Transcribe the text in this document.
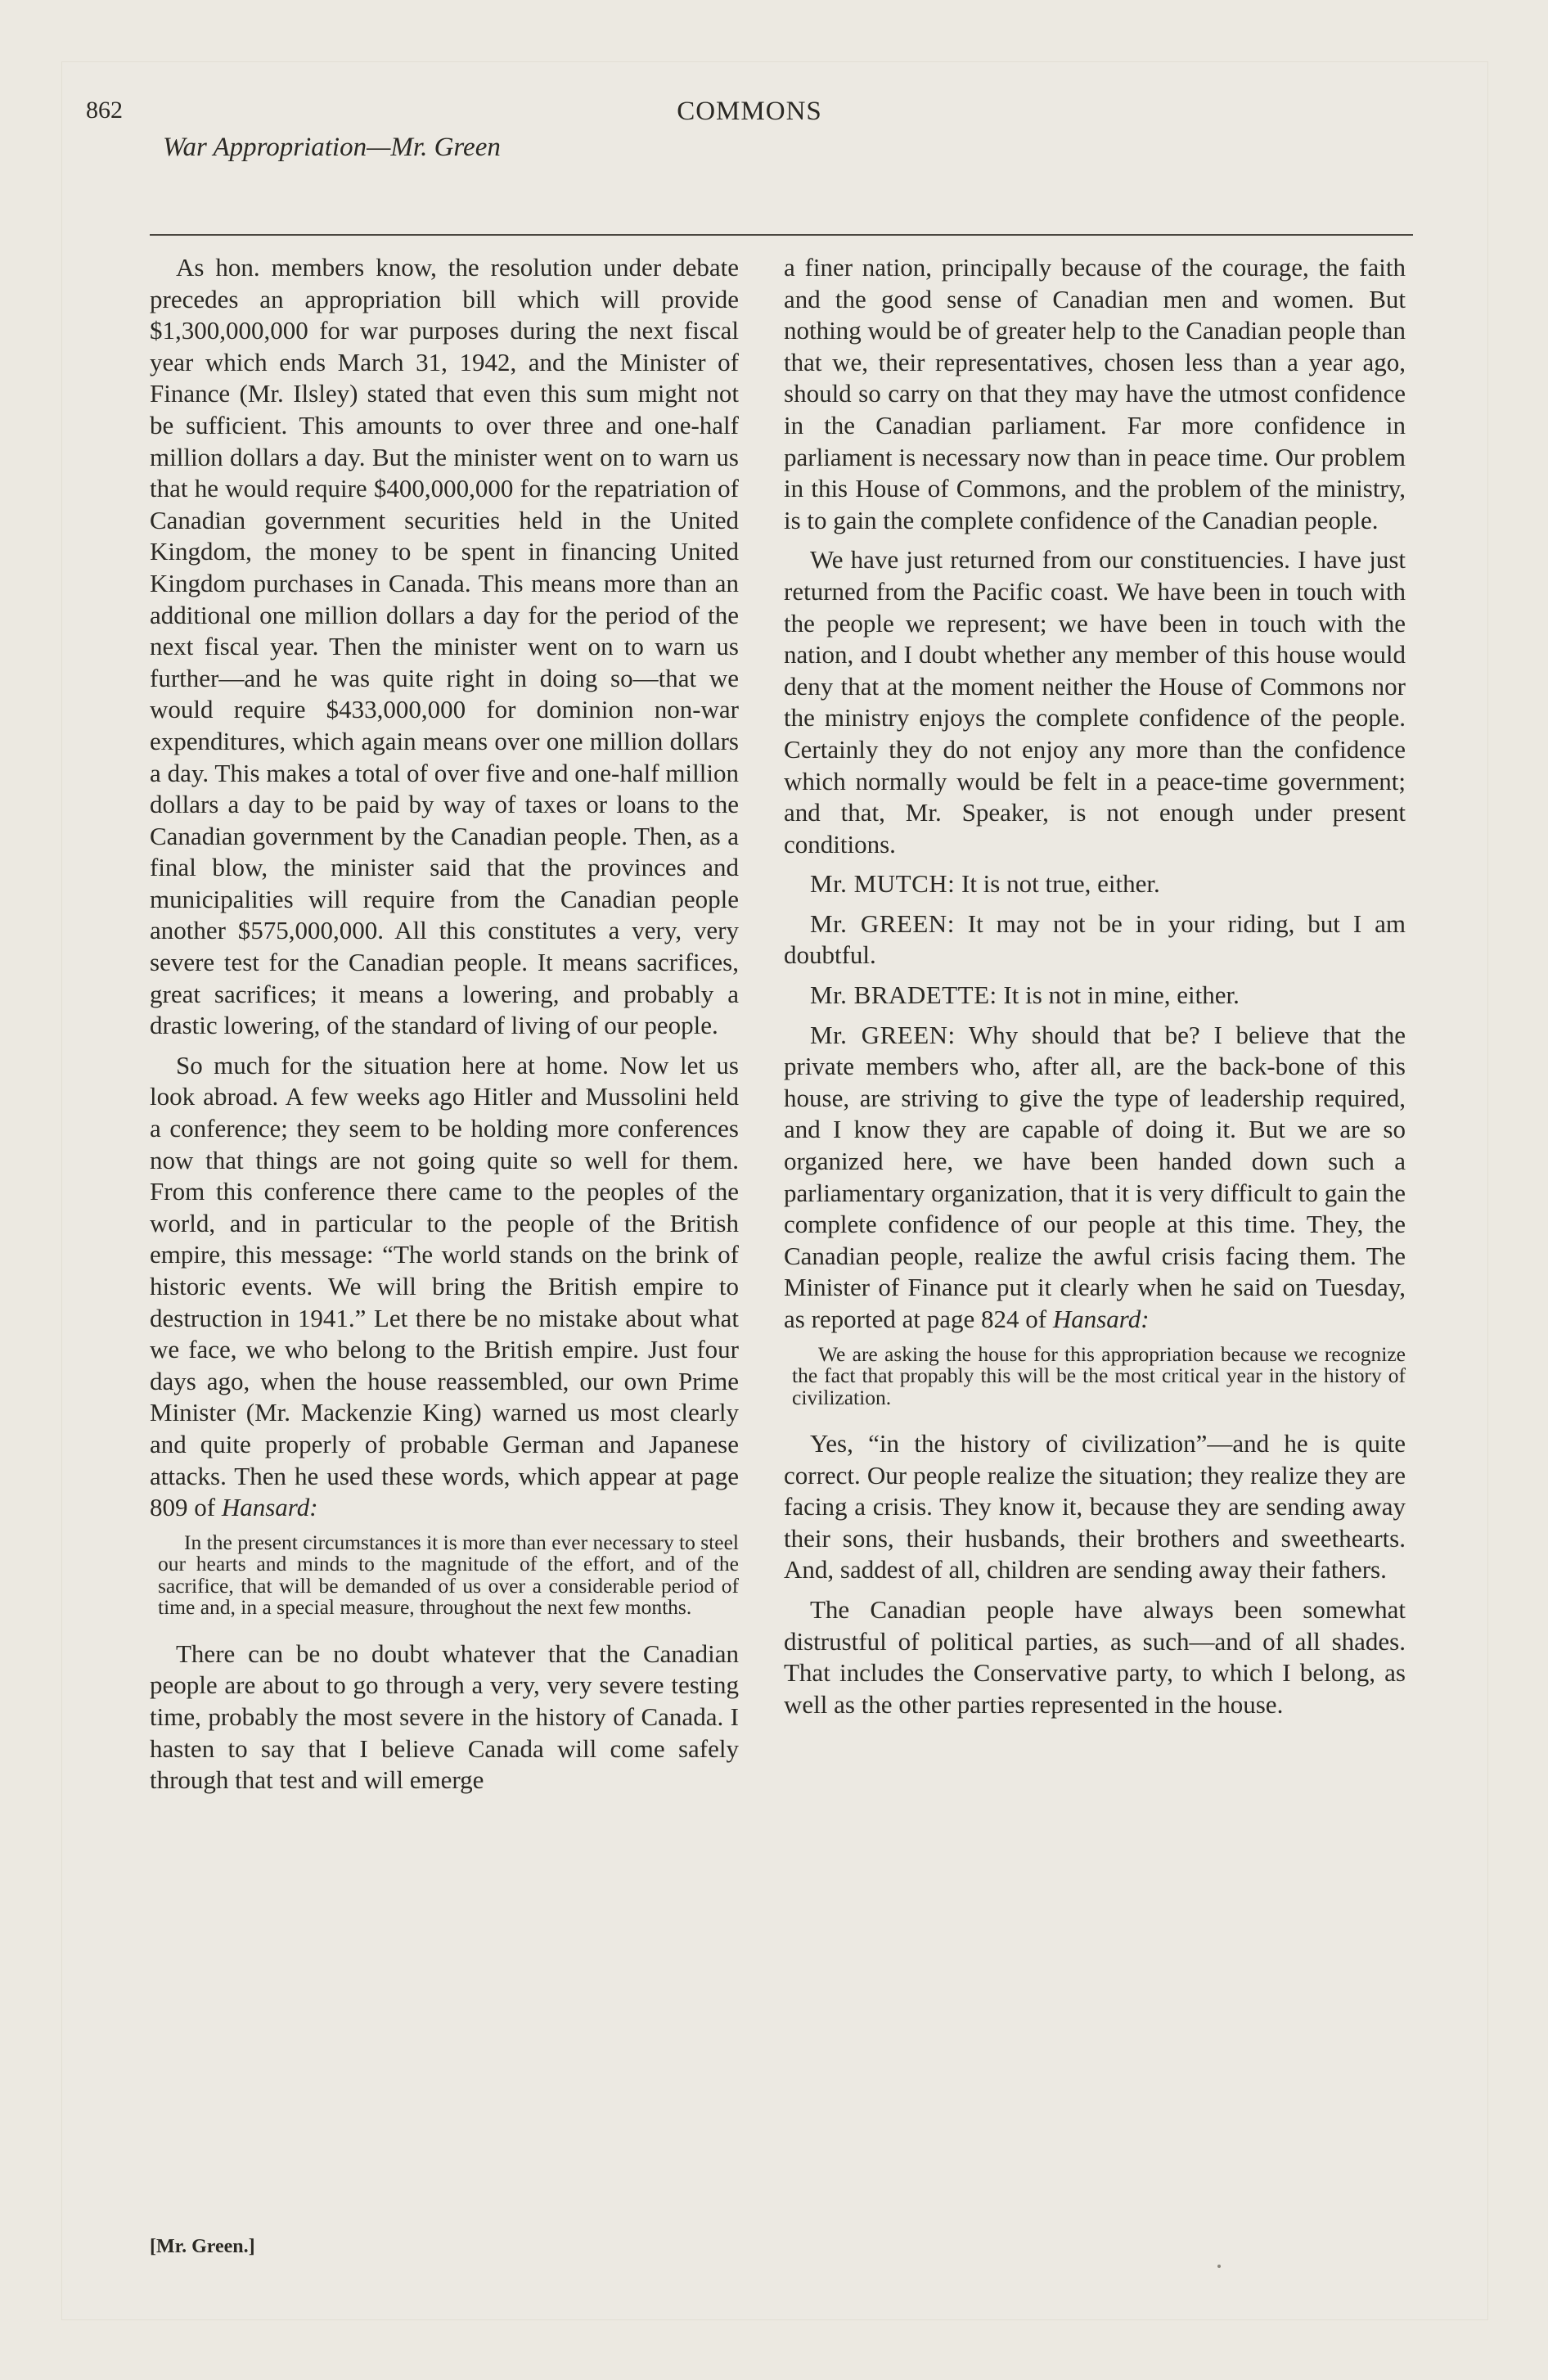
862	COMMONS
War Appropriation—Mr. Green

As hon. members know, the resolution under debate precedes an appropriation bill which will provide $1,300,000,000 for war purposes during the next fiscal year which ends March 31, 1942, and the Minister of Finance (Mr. Ilsley) stated that even this sum might not be sufficient. This amounts to over three and one-half million dollars a day. But the minister went on to warn us that he would require $400,000,000 for the repatriation of Canadian government securities held in the United Kingdom, the money to be spent in financing United Kingdom purchases in Canada. This means more than an additional one million dollars a day for the period of the next fiscal year. Then the minister went on to warn us further—and he was quite right in doing so—that we would require $433,000,000 for dominion non-war expenditures, which again means over one million dollars a day. This makes a total of over five and one-half million dollars a day to be paid by way of taxes or loans to the Canadian government by the Canadian people. Then, as a final blow, the minister said that the provinces and municipalities will require from the Canadian people another $575,000,000. All this constitutes a very, very severe test for the Canadian people. It means sacrifices, great sacrifices; it means a lowering, and probably a drastic lowering, of the standard of living of our people.

So much for the situation here at home. Now let us look abroad. A few weeks ago Hitler and Mussolini held a conference; they seem to be holding more conferences now that things are not going quite so well for them. From this conference there came to the peoples of the world, and in particular to the people of the British empire, this message: “The world stands on the brink of historic events. We will bring the British empire to destruction in 1941.” Let there be no mistake about what we face, we who belong to the British empire. Just four days ago, when the house reassembled, our own Prime Minister (Mr. Mackenzie King) warned us most clearly and quite properly of probable German and Japanese attacks. Then he used these words, which appear at page 809 of Hansard:

In the present circumstances it is more than ever necessary to steel our hearts and minds to the magnitude of the effort, and of the sacrifice, that will be demanded of us over a considerable period of time and, in a special measure, throughout the next few months.

There can be no doubt whatever that the Canadian people are about to go through a very, very severe testing time, probably the most severe in the history of Canada. I hasten to say that I believe Canada will come safely through that test and will emerge

a finer nation, principally because of the courage, the faith and the good sense of Canadian men and women. But nothing would be of greater help to the Canadian people than that we, their representatives, chosen less than a year ago, should so carry on that they may have the utmost confidence in the Canadian parliament. Far more confidence in parliament is necessary now than in peace time. Our problem in this House of Commons, and the problem of the ministry, is to gain the complete confidence of the Canadian people.

We have just returned from our constituencies. I have just returned from the Pacific coast. We have been in touch with the people we represent; we have been in touch with the nation, and I doubt whether any member of this house would deny that at the moment neither the House of Commons nor the ministry enjoys the complete confidence of the people. Certainly they do not enjoy any more than the confidence which normally would be felt in a peace-time government; and that, Mr. Speaker, is not enough under present conditions.

Mr. MUTCH: It is not true, either.

Mr. GREEN: It may not be in your riding, but I am doubtful.

Mr. BRADETTE: It is not in mine, either.

Mr. GREEN: Why should that be? I believe that the private members who, after all, are the back-bone of this house, are striving to give the type of leadership required, and I know they are capable of doing it. But we are so organized here, we have been handed down such a parliamentary organization, that it is very difficult to gain the complete confidence of our people at this time. They, the Canadian people, realize the awful crisis facing them. The Minister of Finance put it clearly when he said on Tuesday, as reported at page 824 of Hansard:

We are asking the house for this appropriation because we recognize the fact that propably this will be the most critical year in the history of civilization.

Yes, “in the history of civilization”—and he is quite correct. Our people realize the situation; they realize they are facing a crisis. They know it, because they are sending away their sons, their husbands, their brothers and sweethearts. And, saddest of all, children are sending away their fathers.

The Canadian people have always been somewhat distrustful of political parties, as such—and of all shades. That includes the Conservative party, to which I belong, as well as the other parties represented in the house.

[Mr. Green.]
